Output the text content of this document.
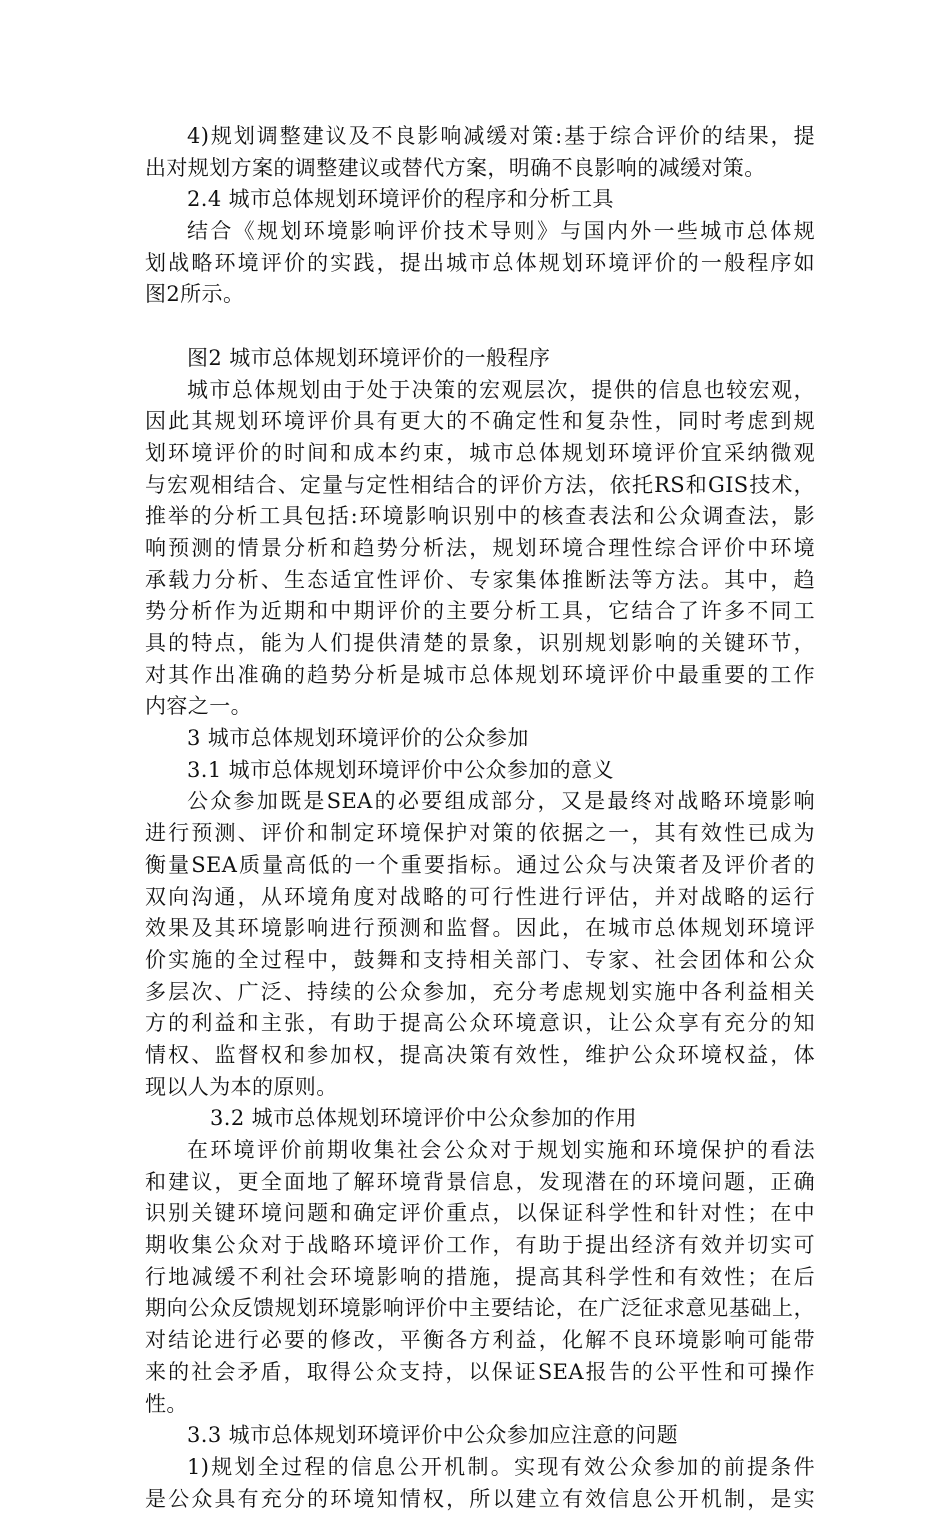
4)规划调整建议及不良影响减缓对策:基于综合评价的结果，提
出对规划方案的调整建议或替代方案，明确不良影响的减缓对策。
2.4 城市总体规划环境评价的程序和分析工具
结合《规划环境影响评价技术导则》与国内外一些城市总体规
划战略环境评价的实践，提出城市总体规划环境评价的一般程序如
图2所示。
图2 城市总体规划环境评价的一般程序
城市总体规划由于处于决策的宏观层次，提供的信息也较宏观，
因此其规划环境评价具有更大的不确定性和复杂性，同时考虑到规
划环境评价的时间和成本约束，城市总体规划环境评价宜采纳微观
与宏观相结合、定量与定性相结合的评价方法，依托RS和GIS技术，
推举的分析工具包括:环境影响识别中的核查表法和公众调查法，影
响预测的情景分析和趋势分析法，规划环境合理性综合评价中环境
承载力分析、生态适宜性评价、专家集体推断法等方法。其中，趋
势分析作为近期和中期评价的主要分析工具，它结合了许多不同工
具的特点，能为人们提供清楚的景象，识别规划影响的关键环节，
对其作出准确的趋势分析是城市总体规划环境评价中最重要的工作
内容之一。
3 城市总体规划环境评价的公众参加
3.1 城市总体规划环境评价中公众参加的意义
公众参加既是SEA的必要组成部分，又是最终对战略环境影响
进行预测、评价和制定环境保护对策的依据之一，其有效性已成为
衡量SEA质量高低的一个重要指标。通过公众与决策者及评价者的
双向沟通，从环境角度对战略的可行性进行评估，并对战略的运行
效果及其环境影响进行预测和监督。因此，在城市总体规划环境评
价实施的全过程中，鼓舞和支持相关部门、专家、社会团体和公众
多层次、广泛、持续的公众参加，充分考虑规划实施中各利益相关
方的利益和主张，有助于提高公众环境意识，让公众享有充分的知
情权、监督权和参加权，提高决策有效性，维护公众环境权益，体
现以人为本的原则。
3.2 城市总体规划环境评价中公众参加的作用
在环境评价前期收集社会公众对于规划实施和环境保护的看法
和建议，更全面地了解环境背景信息，发现潜在的环境问题，正确
识别关键环境问题和确定评价重点，以保证科学性和针对性；在中
期收集公众对于战略环境评价工作，有助于提出经济有效并切实可
行地减缓不利社会环境影响的措施，提高其科学性和有效性；在后
期向公众反馈规划环境影响评价中主要结论，在广泛征求意见基础上，
对结论进行必要的修改，平衡各方利益，化解不良环境影响可能带
来的社会矛盾，取得公众支持，以保证SEA报告的公平性和可操作
性。
3.3 城市总体规划环境评价中公众参加应注意的问题
1)规划全过程的信息公开机制。实现有效公众参加的前提条件
是公众具有充分的环境知情权，所以建立有效信息公开机制，是实
